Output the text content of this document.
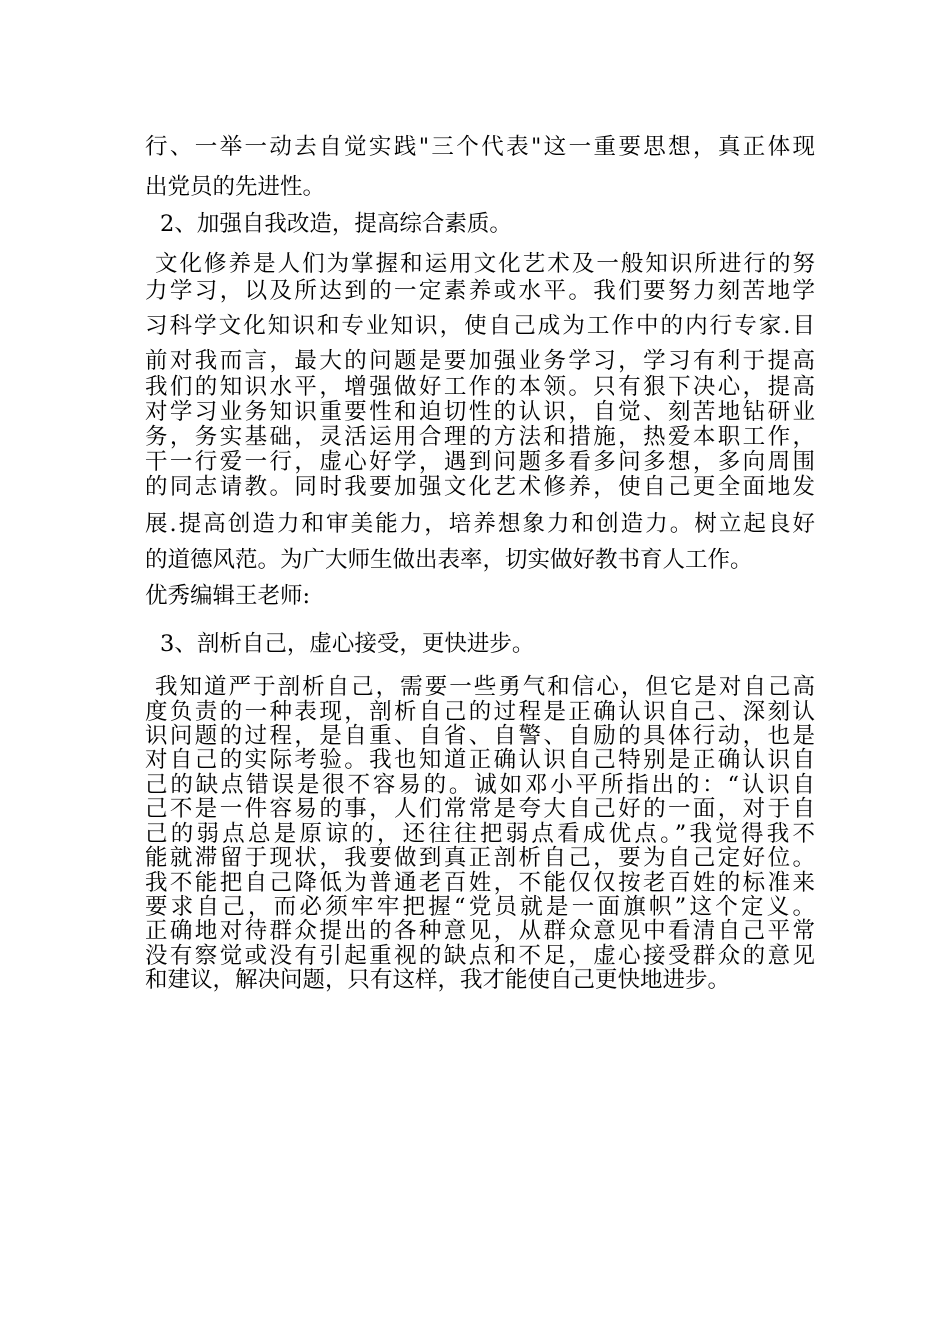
行、一举一动去自觉实践"三个代表"这一重要思想，真正体现
出党员的先进性。
2、加强自我改造，提高综合素质。
文化修养是人们为掌握和运用文化艺术及一般知识所进行的努
力学习，以及所达到的一定素养或水平。我们要努力刻苦地学
习科学文化知识和专业知识，使自己成为工作中的内行专家.目
前对我而言，最大的问题是要加强业务学习，学习有利于提高
我们的知识水平，增强做好工作的本领。只有狠下决心，提高
对学习业务知识重要性和迫切性的认识，自觉、刻苦地钻研业
务，务实基础，灵活运用合理的方法和措施，热爱本职工作，
干一行爱一行，虚心好学，遇到问题多看多问多想，多向周围
的同志请教。同时我要加强文化艺术修养，使自己更全面地发
展.提高创造力和审美能力，培养想象力和创造力。树立起良好
的道德风范。为广大师生做出表率，切实做好教书育人工作。
优秀编辑王老师:
3、剖析自己，虚心接受，更快进步。
我知道严于剖析自己，需要一些勇气和信心，但它是对自己高
度负责的一种表现，剖析自己的过程是正确认识自己、深刻认
识问题的过程，是自重、自省、自警、自励的具体行动，也是
对自己的实际考验。我也知道正确认识自己特别是正确认识自
己的缺点错误是很不容易的。诚如邓小平所指出的：“认识自
己不是一件容易的事，人们常常是夸大自己好的一面，对于自
己的弱点总是原谅的，还往往把弱点看成优点。”我觉得我不
能就滞留于现状，我要做到真正剖析自己，要为自己定好位。
我不能把自己降低为普通老百姓，不能仅仅按老百姓的标准来
要求自己，而必须牢牢把握“党员就是一面旗帜”这个定义。
正确地对待群众提出的各种意见，从群众意见中看清自己平常
没有察觉或没有引起重视的缺点和不足，虚心接受群众的意见
和建议，解决问题，只有这样，我才能使自己更快地进步。
